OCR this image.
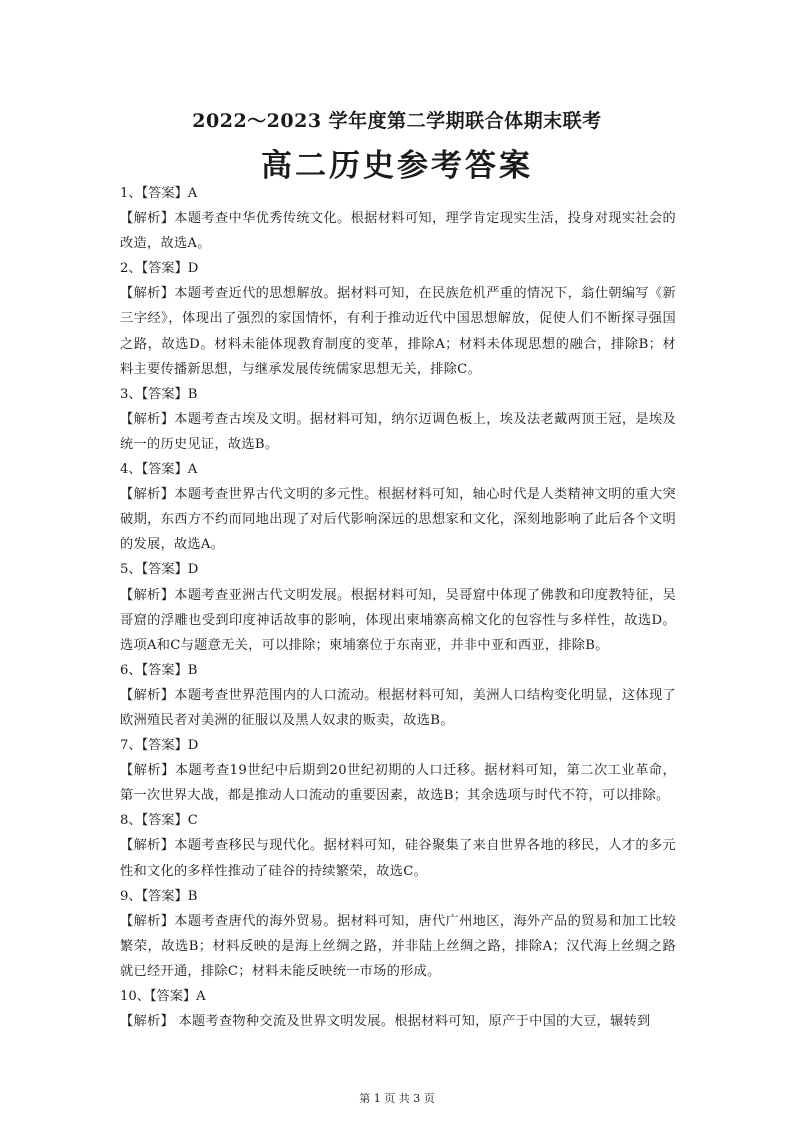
2022～2023 学年度第二学期联合体期末联考
高二历史参考答案
1、【答案】A
【解析】本题考查中华优秀传统文化。根据材料可知，理学肯定现实生活，投身对现实社会的改造，故选A。
2、【答案】D
【解析】本题考查近代的思想解放。据材料可知，在民族危机严重的情况下，翁仕朝编写《新三字经》，体现出了强烈的家国情怀，有利于推动近代中国思想解放，促使人们不断探寻强国之路，故选D。材料未能体现教育制度的变革，排除A；材料未体现思想的融合，排除B；材料主要传播新思想，与继承发展传统儒家思想无关，排除C。
3、【答案】B
【解析】本题考查古埃及文明。据材料可知，纳尔迈调色板上，埃及法老戴两顶王冠，是埃及统一的历史见证，故选B。
4、【答案】A
【解析】本题考查世界古代文明的多元性。根据材料可知，轴心时代是人类精神文明的重大突破期，东西方不约而同地出现了对后代影响深远的思想家和文化，深刻地影响了此后各个文明的发展，故选A。
5、【答案】D
【解析】本题考查亚洲古代文明发展。根据材料可知，吴哥窟中体现了佛教和印度教特征，吴哥窟的浮雕也受到印度神话故事的影响，体现出柬埔寨高棉文化的包容性与多样性，故选D。选项A和C与题意无关，可以排除；柬埔寨位于东南亚，并非中亚和西亚，排除B。
6、【答案】B
【解析】本题考查世界范围内的人口流动。根据材料可知，美洲人口结构变化明显，这体现了欧洲殖民者对美洲的征服以及黑人奴隶的贩卖，故选B。
7、【答案】D
【解析】本题考查19世纪中后期到20世纪初期的人口迁移。据材料可知，第二次工业革命，第一次世界大战，都是推动人口流动的重要因素，故选B；其余选项与时代不符，可以排除。
8、【答案】C
【解析】本题考查移民与现代化。据材料可知，硅谷聚集了来自世界各地的移民，人才的多元性和文化的多样性推动了硅谷的持续繁荣，故选C。
9、【答案】B
【解析】本题考查唐代的海外贸易。据材料可知，唐代广州地区，海外产品的贸易和加工比较繁荣，故选B；材料反映的是海上丝绸之路，并非陆上丝绸之路，排除A；汉代海上丝绸之路就已经开通，排除C；材料未能反映统一市场的形成。
10、【答案】A
【解析】 本题考查物种交流及世界文明发展。根据材料可知，原产于中国的大豆，辗转到
第 1 页 共 3 页
